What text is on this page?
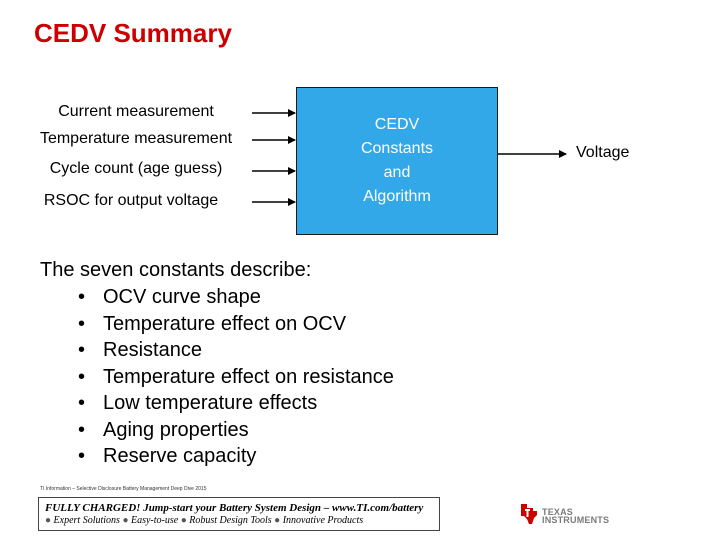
CEDV Summary
Current measurement
Temperature measurement
Cycle count (age guess)
RSOC for output voltage
CEDV
Constants
and
Algorithm
Voltage
The seven constants describe:
• OCV curve shape
• Temperature effect on OCV
• Resistance
• Temperature effect on resistance
• Low temperature effects
• Aging properties
• Reserve capacity
TI Information – Selective Disclosure Battery Management Deep Dive 2015
FULLY CHARGED! Jump-start your Battery System Design – www.TI.com/battery
● Expert Solutions ● Easy-to-use ● Robust Design Tools ● Innovative Products
TEXAS
INSTRUMENTS
